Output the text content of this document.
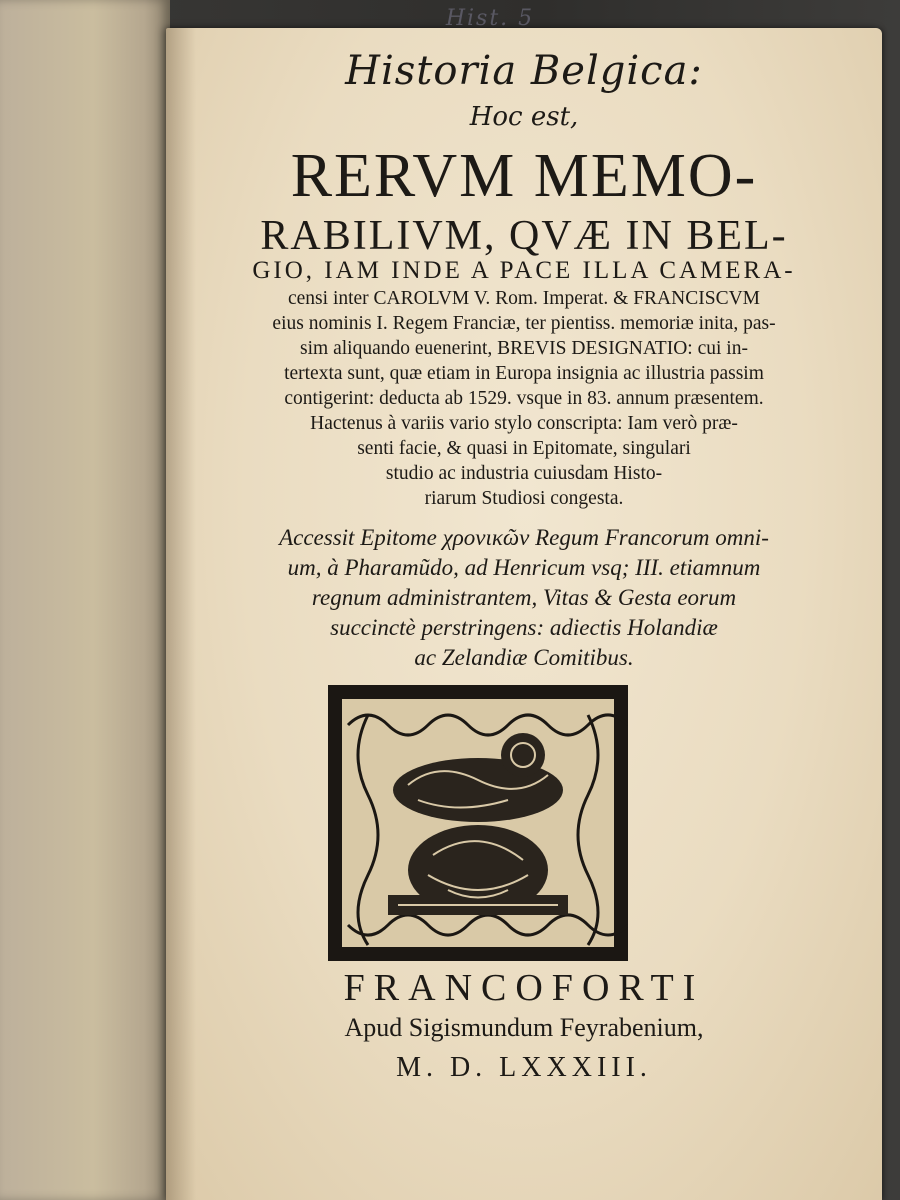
Hist. 5
Historia Belgica:
Hoc est,
RERVM MEMO-
RABILIVM, QVÆ IN BEL-
GIO, IAM INDE A PACE ILLA CAMERA-
censi inter CAROLVM V. Rom. Imperat. & FRANCISCVM
eius nominis I. Regem Franciæ, ter pientiss. memoriæ inita, pas-
sim aliquando euenerint, BREVIS DESIGNATIO: cui in-
tertexta sunt, quæ etiam in Europa insignia ac illustria passim
contigerint: deducta ab 1529. vsque in 83. annum præsentem.
Hactenus à variis vario stylo conscripta: Iam verò præ-
senti facie, & quasi in Epitomate, singulari
studio ac industria cuiusdam Histo-
riarum Studiosi congesta.
Accessit Epitome χρονικῶν Regum Francorum omni-
um, à Pharamũdo, ad Henricum vsq; III. etiamnum
regnum administrantem, Vitas & Gesta eorum
succinctè perstringens: adiectis Holandiæ
ac Zelandiæ Comitibus.
FRANCOFORTI
Apud Sigismundum Feyrabenium,
M. D. LXXXIII.
